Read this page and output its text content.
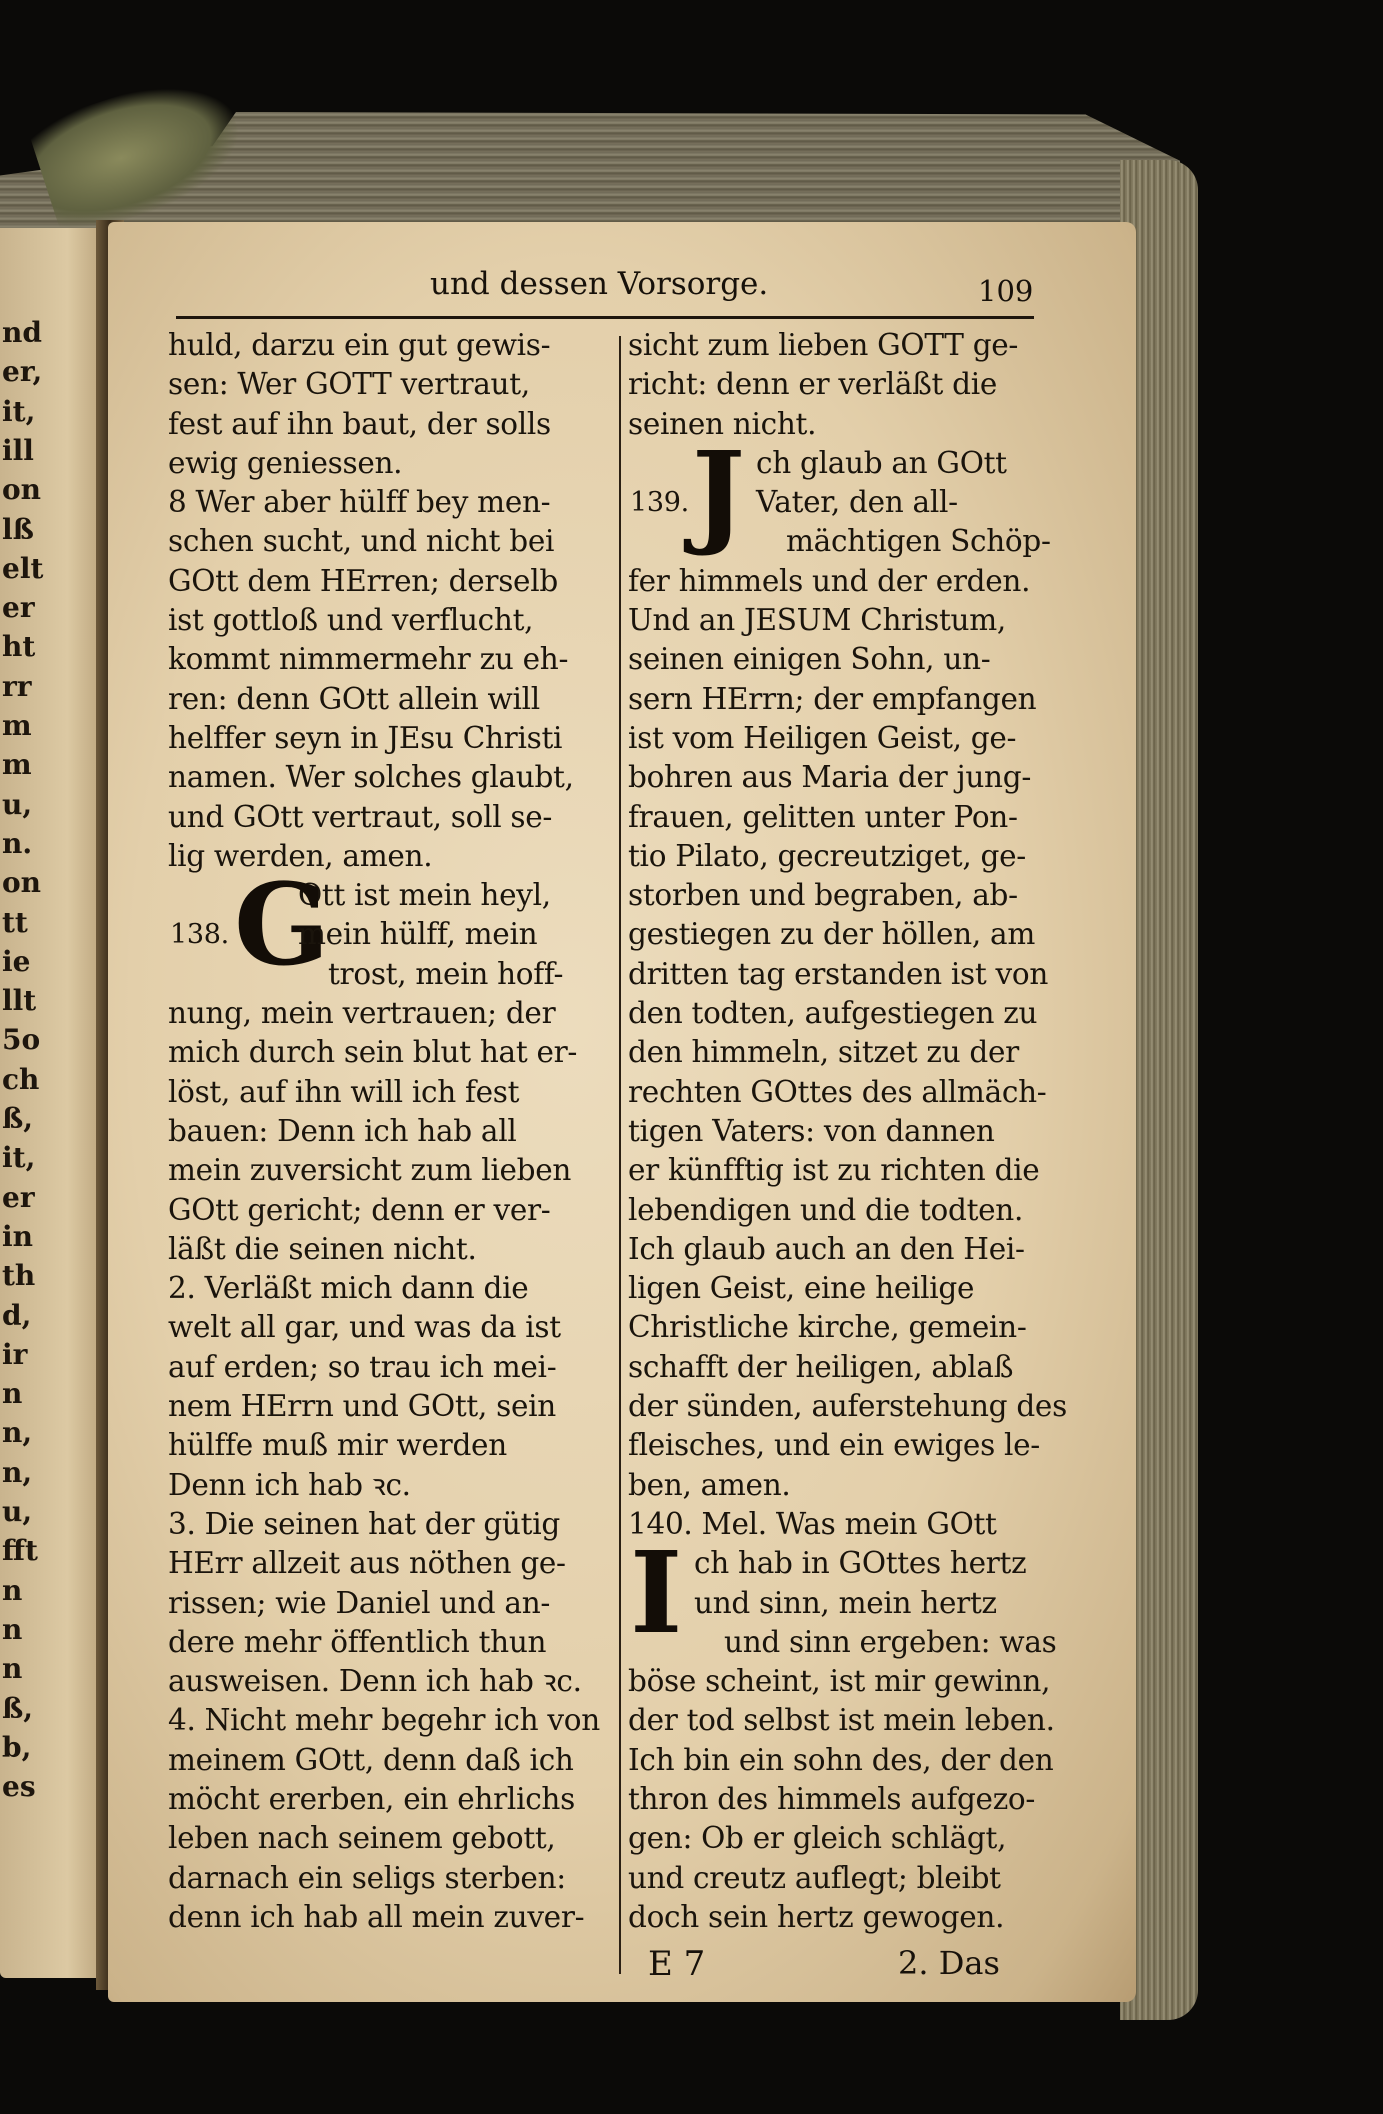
nd
er,
it,
ill
on
lß
elt
er
ht
rr
m
m
u,
n.
on
tt
ie
llt
5o
ch
ß,
it,
er
in
th
d,
ir
n
n,
n,
u,
fft
n
n
n
ß,
b,
es
und dessen Vorsorge.	109
huld, darzu ein gut gewis-
sen: Wer GOTT vertraut,
fest auf ihn baut, der solls
ewig geniessen.
8 Wer aber hülff bey men-
schen sucht, und nicht bei
GOtt dem HErren; derselb
ist gottloß und verflucht,
kommt nimmermehr zu eh-
ren: denn GOtt allein will
helffer seyn in JEsu Christi
namen. Wer solches glaubt,
und GOtt vertraut, soll se-
lig werden, amen.
Ott ist mein heyl,
G
138.	mein hülff, mein
trost, mein hoff-
nung, mein vertrauen; der
mich durch sein blut hat er-
löst, auf ihn will ich fest
bauen: Denn ich hab all
mein zuversicht zum lieben
GOtt gericht; denn er ver-
läßt die seinen nicht.
2. Verläßt mich dann die
welt all gar, und was da ist
auf erden; so trau ich mei-
nem HErrn und GOtt, sein
hülffe muß mir werden
Denn ich hab ꝛc.
3. Die seinen hat der gütig
HErr allzeit aus nöthen ge-
rissen; wie Daniel und an-
dere mehr öffentlich thun
ausweisen. Denn ich hab ꝛc.
4. Nicht mehr begehr ich von
meinem GOtt, denn daß ich
möcht ererben, ein ehrlichs
leben nach seinem gebott,
darnach ein seligs sterben:
denn ich hab all mein zuver-
sicht zum lieben GOTT ge-
richt: denn er verläßt die
seinen nicht.
ch glaub an GOtt
J
139.	Vater, den all-
mächtigen Schöp-
fer himmels und der erden.
Und an JESUM Christum,
seinen einigen Sohn, un-
sern HErrn; der empfangen
ist vom Heiligen Geist, ge-
bohren aus Maria der jung-
frauen, gelitten unter Pon-
tio Pilato, gecreutziget, ge-
storben und begraben, ab-
gestiegen zu der höllen, am
dritten tag erstanden ist von
den todten, aufgestiegen zu
den himmeln, sitzet zu der
rechten GOttes des allmäch-
tigen Vaters: von dannen
er künfftig ist zu richten die
lebendigen und die todten.
Ich glaub auch an den Hei-
ligen Geist, eine heilige
Christliche kirche, gemein-
schafft der heiligen, ablaß
der sünden, auferstehung des
fleisches, und ein ewiges le-
ben, amen.
140. Mel. Was mein GOtt
ch hab in GOttes hertz
I und sinn, mein hertz
und sinn ergeben: was
böse scheint, ist mir gewinn,
der tod selbst ist mein leben.
Ich bin ein sohn des, der den
thron des himmels aufgezo-
gen: Ob er gleich schlägt,
und creutz auflegt; bleibt
doch sein hertz gewogen.
E 7	2. Das
